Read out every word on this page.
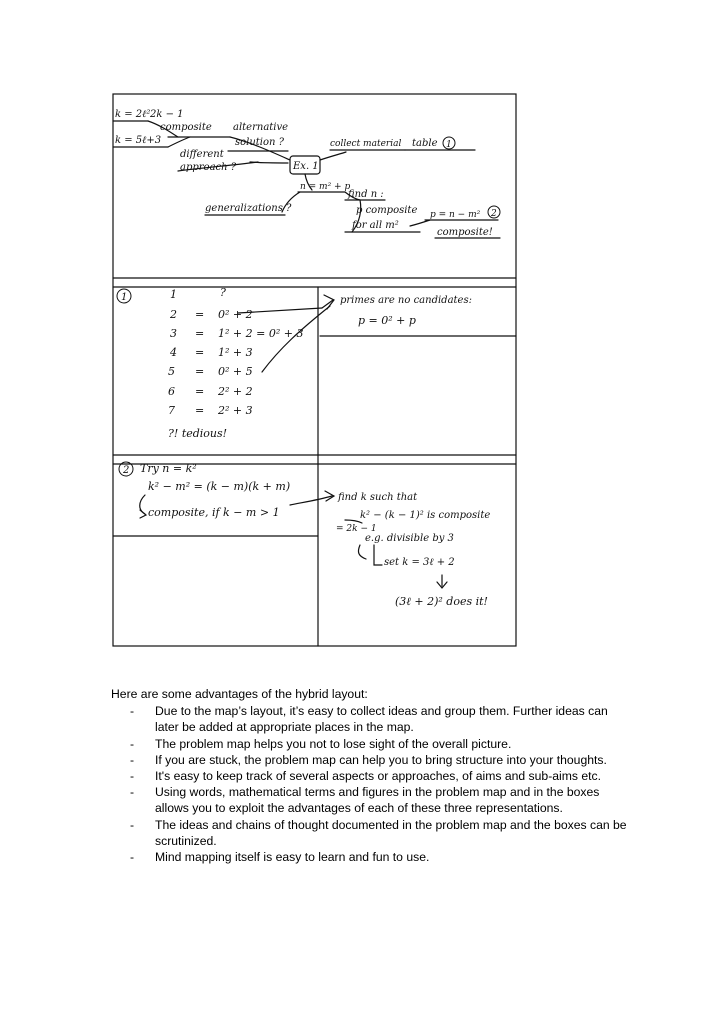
k = 2ℓ²
k = 5ℓ+3
2k − 1
composite alternative
solution ?
different
approach ?	Ex. 1
collect material table 1
n = m² + p
find n :
p composite
for all m²
p = n − m² 2
composite!
generalizations ?
1	1	?
2 = 0² + 2
3 = 1² + 2 = 0² + 3
4 = 1² + 3
5 = 0² + 5
6 = 2² + 2
7 = 2² + 3
?! tedious!
primes are no candidates:
p = 0² + p
2 Try n = k²
k² − m² = (k − m)(k + m)
composite, if k − m > 1
find k such that
k² − (k − 1)² is composite
= 2k − 1
e.g. divisible by 3
set k = 3ℓ + 2
(3ℓ + 2)² does it!

Here are some advantages of the hybrid layout:

- Due to the map’s layout, it’s easy to collect ideas and group them. Further ideas can later be added at appropriate places in the map.
- The problem map helps you not to lose sight of the overall picture.
- If you are stuck, the problem map can help you to bring structure into your thoughts.
- It's easy to keep track of several aspects or approaches, of aims and sub-aims etc.
- Using words, mathematical terms and figures in the problem map and in the boxes allows you to exploit the advantages of each of these three representations.
- The ideas and chains of thought documented in the problem map and the boxes can be scrutinized.
- Mind mapping itself is easy to learn and fun to use.
